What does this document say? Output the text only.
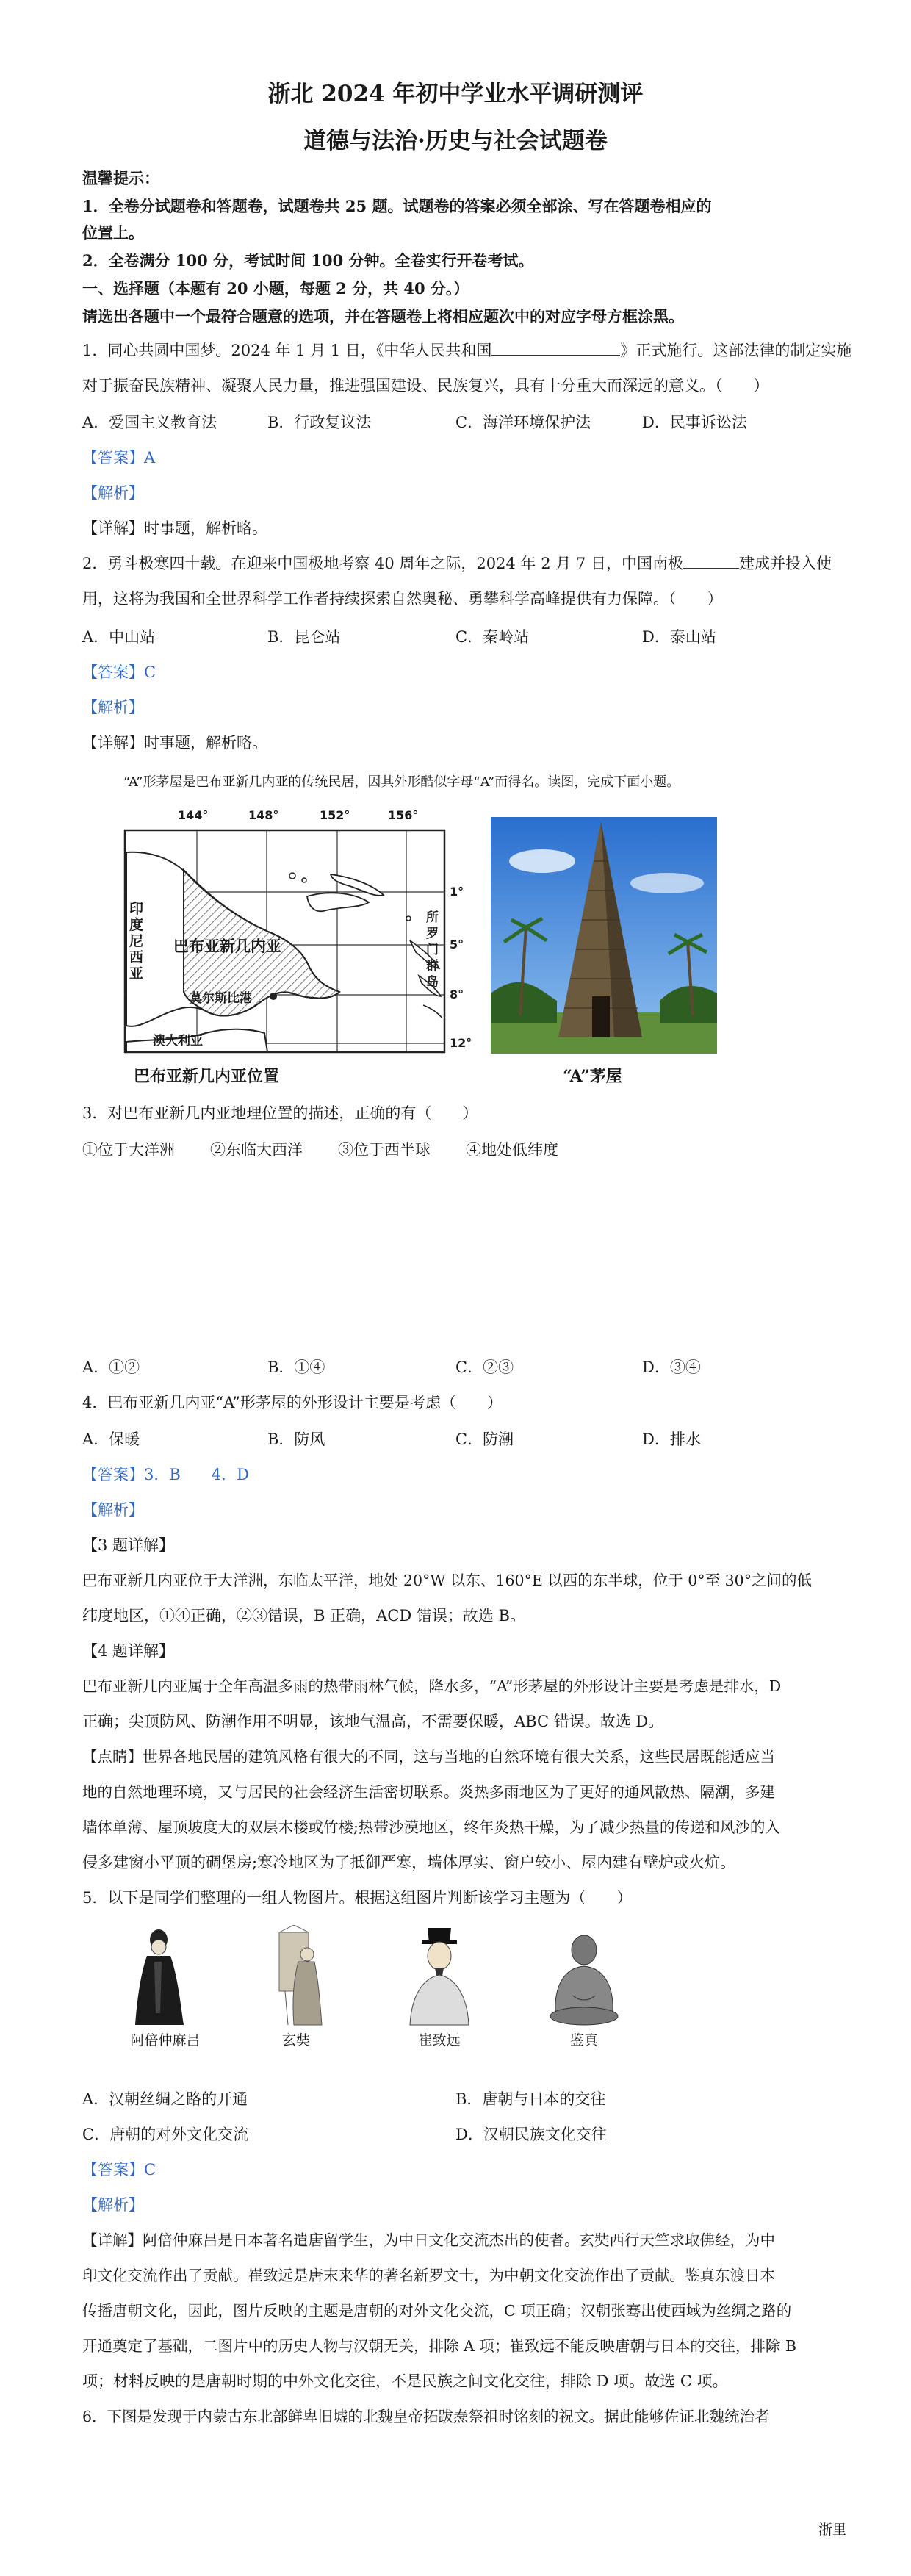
浙北 2024 年初中学业水平调研测评
道德与法治·历史与社会试题卷
温馨提示：
1．全卷分试题卷和答题卷，试题卷共 25 题。试题卷的答案必须全部涂、写在答题卷相应的
位置上。
2．全卷满分 100 分，考试时间 100 分钟。全卷实行开卷考试。
一、选择题（本题有 20 小题，每题 2 分，共 40 分。）
请选出各题中一个最符合题意的选项，并在答题卷上将相应题次中的对应字母方框涂黑。
1．同心共圆中国梦。2024 年 1 月 1 日，《中华人民共和国	》正式施行。这部法律的制定实施
对于振奋民族精神、凝聚人民力量，推进强国建设、民族复兴，具有十分重大而深远的意义。（　　）
A．爱国主义教育法	B．行政复议法	C．海洋环境保护法	D．民事诉讼法
【答案】A
【解析】
【详解】时事题，解析略。
2．勇斗极寒四十载。在迎来中国极地考察 40 周年之际，2024 年 2 月 7 日，中国南极	建成并投入使
用，这将为我国和全世界科学工作者持续探索自然奥秘、勇攀科学高峰提供有力保障。（　　）
A．中山站	B．昆仑站	C．秦岭站	D．泰山站
【答案】C
【解析】
【详解】时事题，解析略。
“A”形茅屋是巴布亚新几内亚的传统民居，因其外形酷似字母“A”而得名。读图，完成下面小题。
144°	148°	152°	156°
1°
5°
8°
12°
印度尼西亚
巴布亚新几内亚
莫尔斯比港
澳大利亚
所罗门群岛
巴布亚新几内亚位置	“A”茅屋
3．对巴布亚新几内亚地理位置的描述，正确的有（　　）
①位于大洋洲 ②东临大西洋 ③位于西半球 ④地处低纬度
A．①②	B．①④	C．②③	D．③④
4．巴布亚新几内亚“A”形茅屋的外形设计主要是考虑（　　）
A．保暖	B．防风	C．防潮	D．排水
【答案】3．B　　4．D
【解析】
【3 题详解】
巴布亚新几内亚位于大洋洲，东临太平洋，地处 20°W 以东、160°E 以西的东半球，位于 0°至 30°之间的低
纬度地区，①④正确，②③错误，B 正确，ACD 错误；故选 B。
【4 题详解】
巴布亚新几内亚属于全年高温多雨的热带雨林气候，降水多，“A”形茅屋的外形设计主要是考虑是排水，D
正确；尖顶防风、防潮作用不明显，该地气温高，不需要保暖，ABC 错误。故选 D。
【点睛】世界各地民居的建筑风格有很大的不同，这与当地的自然环境有很大关系，这些民居既能适应当
地的自然地理环境，又与居民的社会经济生活密切联系。炎热多雨地区为了更好的通风散热、隔潮，多建
墙体单薄、屋顶坡度大的双层木楼或竹楼;热带沙漠地区，终年炎热干燥，为了减少热量的传递和风沙的入
侵多建窗小平顶的碉堡房;寒冷地区为了抵御严寒，墙体厚实、窗户较小、屋内建有壁炉或火炕。
5．以下是同学们整理的一组人物图片。根据这组图片判断该学习主题为（　　）
阿倍仲麻吕	玄奘	崔致远	鉴真
A．汉朝丝绸之路的开通	B．唐朝与日本的交往
C．唐朝的对外文化交流	D．汉朝民族文化交往
【答案】C
【解析】
【详解】阿倍仲麻吕是日本著名遣唐留学生，为中日文化交流杰出的使者。玄奘西行天竺求取佛经，为中
印文化交流作出了贡献。崔致远是唐末来华的著名新罗文士，为中朝文化交流作出了贡献。鉴真东渡日本
传播唐朝文化，因此，图片反映的主题是唐朝的对外文化交流，C 项正确；汉朝张骞出使西域为丝绸之路的
开通奠定了基础，二图片中的历史人物与汉朝无关，排除 A 项；崔致远不能反映唐朝与日本的交往，排除 B
项；材料反映的是唐朝时期的中外文化交往，不是民族之间文化交往，排除 D 项。故选 C 项。
6．下图是发现于内蒙古东北部鲜卑旧墟的北魏皇帝拓跋焘祭祖时铭刻的祝文。据此能够佐证北魏统治者
浙里
